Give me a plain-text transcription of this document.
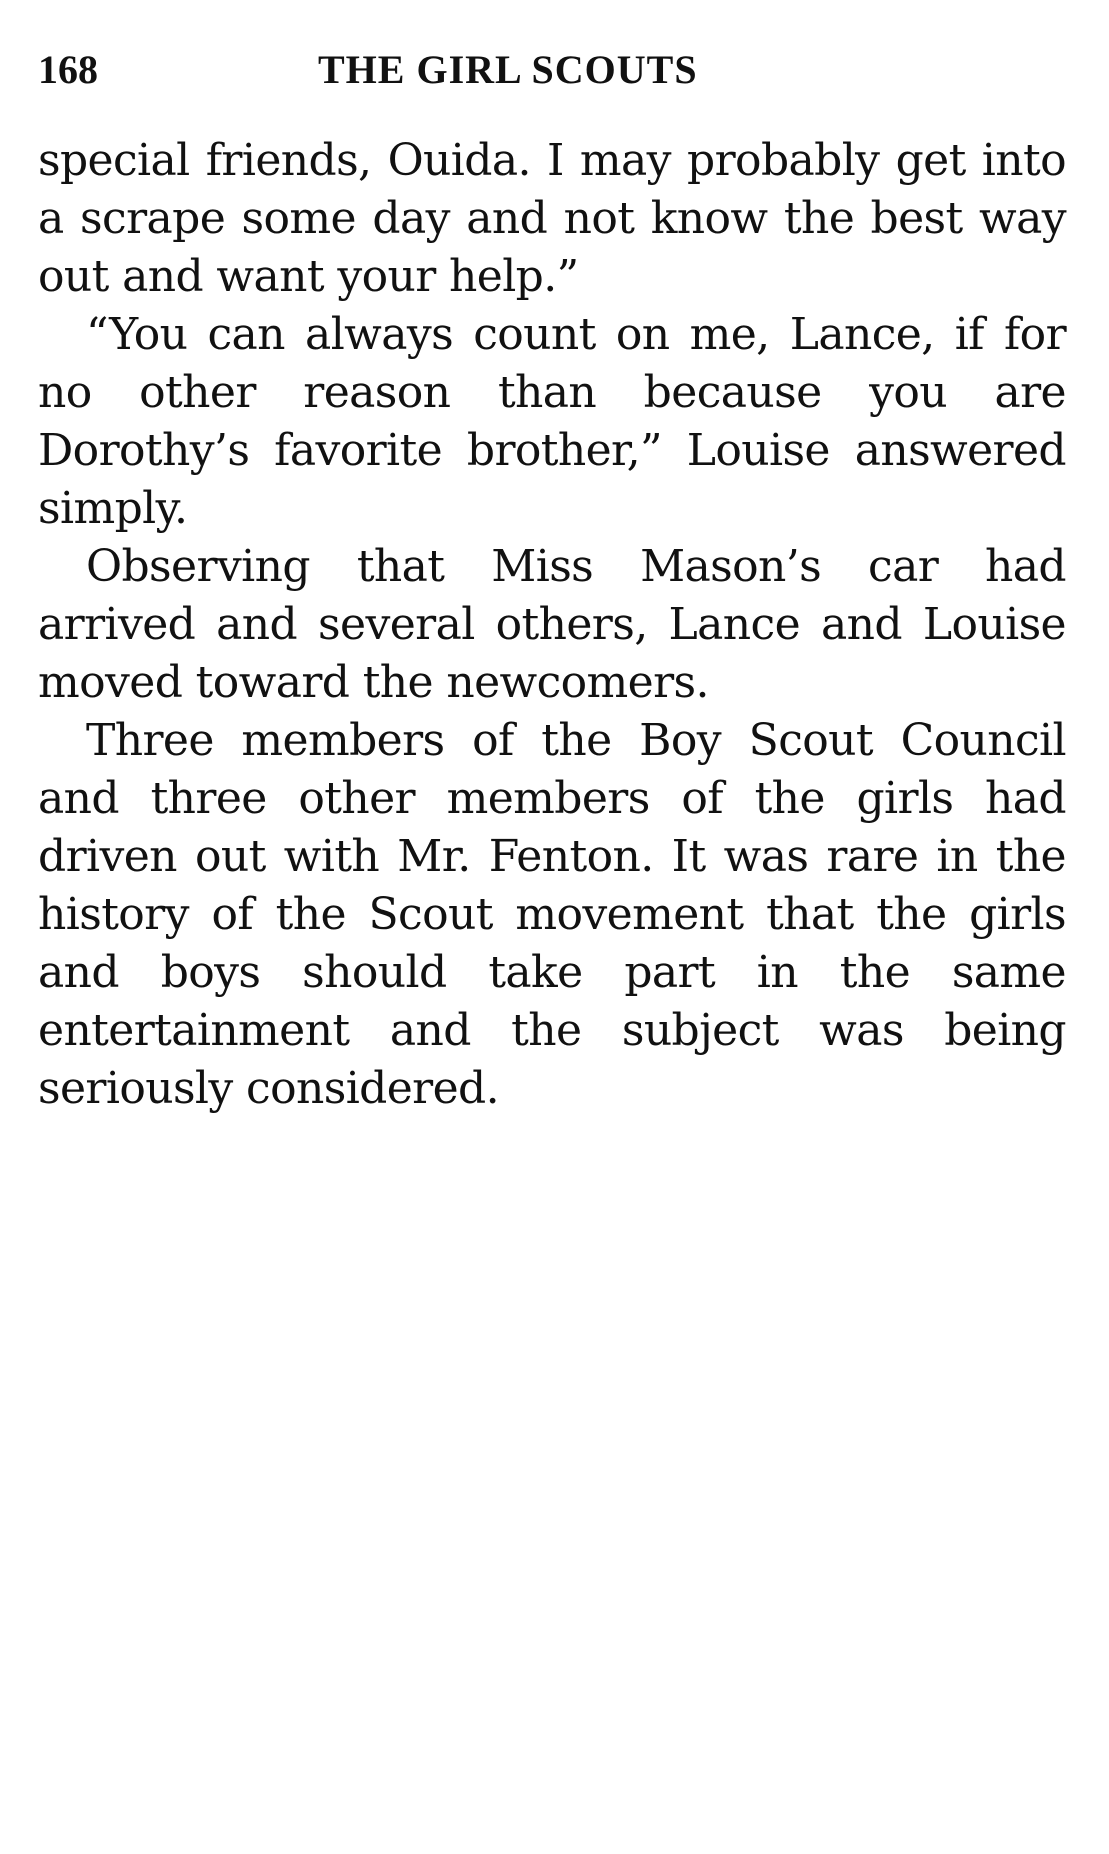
168	THE GIRL SCOUTS

special friends, Ouida. I may probably get into a scrape some day and not know the best way out and want your help.”

“You can always count on me, Lance, if for no other reason than because you are Dorothy’s favorite brother,” Louise answered simply.

Observing that Miss Mason’s car had arrived and several others, Lance and Louise moved toward the newcomers.

Three members of the Boy Scout Council and three other members of the girls had driven out with Mr. Fenton. It was rare in the history of the Scout movement that the girls and boys should take part in the same entertainment and the subject was being seriously considered.
